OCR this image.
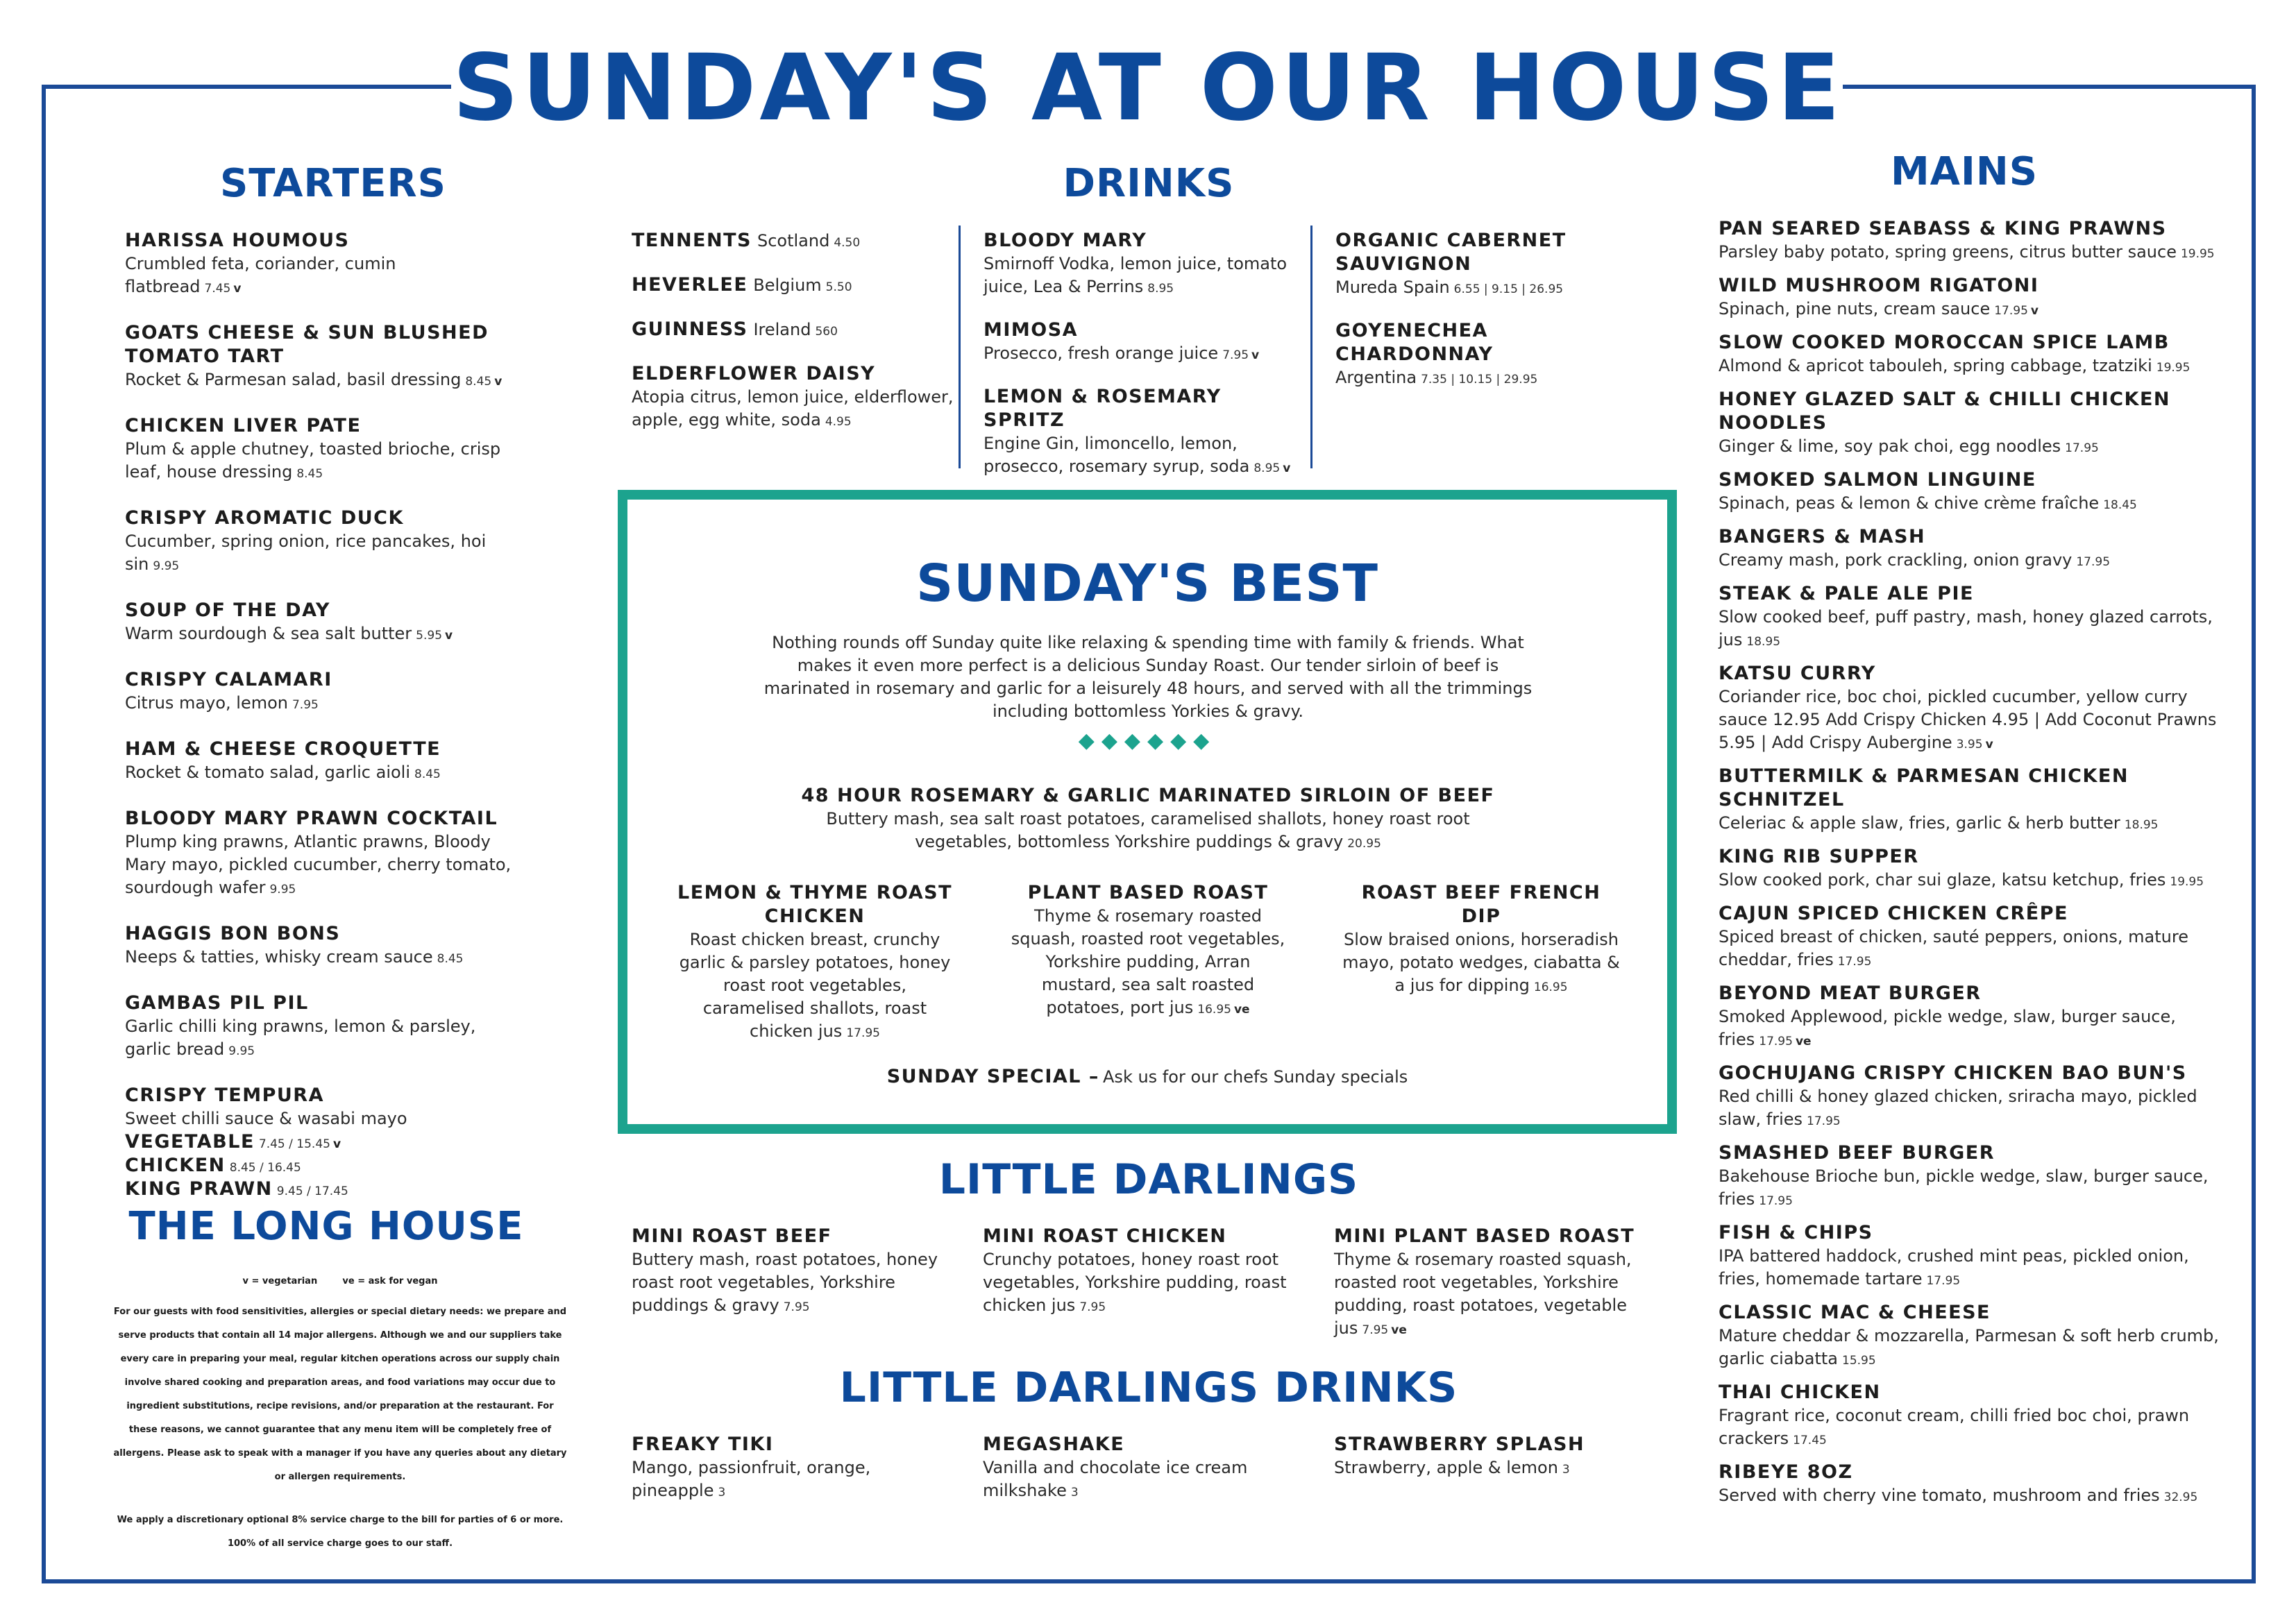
SUNDAY'S AT OUR HOUSE
STARTERS
HARISSA HOUMOUS
Crumbled feta, coriander, cumin flatbread 7.45 v
GOATS CHEESE & SUN BLUSHED TOMATO TART
Rocket & Parmesan salad, basil dressing 8.45 v
CHICKEN LIVER PATE
Plum & apple chutney, toasted brioche, crisp leaf, house dressing 8.45
CRISPY AROMATIC DUCK
Cucumber, spring onion, rice pancakes, hoi sin 9.95
SOUP OF THE DAY
Warm sourdough & sea salt butter 5.95 v
CRISPY CALAMARI
Citrus mayo, lemon 7.95
HAM & CHEESE CROQUETTE
Rocket & tomato salad, garlic aioli 8.45
BLOODY MARY PRAWN COCKTAIL
Plump king prawns, Atlantic prawns, Bloody Mary mayo, pickled cucumber, cherry tomato, sourdough wafer 9.95
HAGGIS BON BONS
Neeps & tatties, whisky cream sauce 8.45
GAMBAS PIL PIL
Garlic chilli king prawns, lemon & parsley, garlic bread 9.95
CRISPY TEMPURA
Sweet chilli sauce & wasabi mayo
VEGETABLE 7.45 / 15.45 v
CHICKEN 8.45 / 16.45
KING PRAWN 9.45 / 17.45
THE LONG HOUSE
v = vegetarian        ve = ask for vegan
For our guests with food sensitivities, allergies or special dietary needs: we prepare and serve products that contain all 14 major allergens. Although we and our suppliers take every care in preparing your meal, regular kitchen operations across our supply chain involve shared cooking and preparation areas, and food variations may occur due to ingredient substitutions, recipe revisions, and/or preparation at the restaurant. For these reasons, we cannot guarantee that any menu item will be completely free of allergens. Please ask to speak with a manager if you have any queries about any dietary or allergen requirements.
We apply a discretionary optional 8% service charge to the bill for parties of 6 or more. 100% of all service charge goes to our staff.
DRINKS
TENNENTS Scotland 4.50
HEVERLEE Belgium 5.50
GUINNESS Ireland 560
ELDERFLOWER DAISY
Atopia citrus, lemon juice, elderflower, apple, egg white, soda 4.95
BLOODY MARY
Smirnoff Vodka, lemon juice, tomato juice, Lea & Perrins 8.95
MIMOSA
Prosecco, fresh orange juice 7.95 v
LEMON & ROSEMARY SPRITZ
Engine Gin, limoncello, lemon, prosecco, rosemary syrup, soda 8.95 v
ORGANIC CABERNET SAUVIGNON
Mureda Spain 6.55 | 9.15 | 26.95
GOYENECHEA CHARDONNAY
Argentina 7.35 | 10.15 | 29.95
SUNDAY'S BEST
Nothing rounds off Sunday quite like relaxing & spending time with family & friends. What makes it even more perfect is a delicious Sunday Roast. Our tender sirloin of beef is marinated in rosemary and garlic for a leisurely 48 hours, and served with all the trimmings including bottomless Yorkies & gravy.
◆◆◆◆◆◆
48 HOUR ROSEMARY & GARLIC MARINATED SIRLOIN OF BEEF
Buttery mash, sea salt roast potatoes, caramelised shallots, honey roast root vegetables, bottomless Yorkshire puddings & gravy 20.95
LEMON & THYME ROAST CHICKEN
Roast chicken breast, crunchy garlic & parsley potatoes, honey roast root vegetables, caramelised shallots, roast chicken jus 17.95
PLANT BASED ROAST
Thyme & rosemary roasted squash, roasted root vegetables, Yorkshire pudding, Arran mustard, sea salt roasted potatoes, port jus 16.95 ve
ROAST BEEF FRENCH DIP
Slow braised onions, horseradish mayo, potato wedges, ciabatta & a jus for dipping 16.95
SUNDAY SPECIAL – Ask us for our chefs Sunday specials
LITTLE DARLINGS
MINI ROAST BEEF
Buttery mash, roast potatoes, honey roast root vegetables, Yorkshire puddings & gravy 7.95
MINI ROAST CHICKEN
Crunchy potatoes, honey roast root vegetables, Yorkshire pudding, roast chicken jus 7.95
MINI PLANT BASED ROAST
Thyme & rosemary roasted squash, roasted root vegetables, Yorkshire pudding, roast potatoes, vegetable jus 7.95 ve
LITTLE DARLINGS DRINKS
FREAKY TIKI
Mango, passionfruit, orange, pineapple 3
MEGASHAKE
Vanilla and chocolate ice cream milkshake 3
STRAWBERRY SPLASH
Strawberry, apple & lemon 3
MAINS
PAN SEARED SEABASS & KING PRAWNS
Parsley baby potato, spring greens, citrus butter sauce 19.95
WILD MUSHROOM RIGATONI
Spinach, pine nuts, cream sauce 17.95 v
SLOW COOKED MOROCCAN SPICE LAMB
Almond & apricot tabouleh, spring cabbage, tzatziki 19.95
HONEY GLAZED SALT & CHILLI CHICKEN NOODLES
Ginger & lime, soy pak choi, egg noodles 17.95
SMOKED SALMON LINGUINE
Spinach, peas & lemon & chive crème fraîche 18.45
BANGERS & MASH
Creamy mash, pork crackling, onion gravy 17.95
STEAK & PALE ALE PIE
Slow cooked beef, puff pastry, mash, honey glazed carrots, jus 18.95
KATSU CURRY
Coriander rice, boc choi, pickled cucumber, yellow curry sauce 12.95 Add Crispy Chicken 4.95 | Add Coconut Prawns 5.95 | Add Crispy Aubergine 3.95 v
BUTTERMILK & PARMESAN CHICKEN SCHNITZEL
Celeriac & apple slaw, fries, garlic & herb butter 18.95
KING RIB SUPPER
Slow cooked pork, char sui glaze, katsu ketchup, fries 19.95
CAJUN SPICED CHICKEN CRÊPE
Spiced breast of chicken, sauté peppers, onions, mature cheddar, fries 17.95
BEYOND MEAT BURGER
Smoked Applewood, pickle wedge, slaw, burger sauce, fries 17.95 ve
GOCHUJANG CRISPY CHICKEN BAO BUN'S
Red chilli & honey glazed chicken, sriracha mayo, pickled slaw, fries 17.95
SMASHED BEEF BURGER
Bakehouse Brioche bun, pickle wedge, slaw, burger sauce, fries 17.95
FISH & CHIPS
IPA battered haddock, crushed mint peas, pickled onion, fries, homemade tartare 17.95
CLASSIC MAC & CHEESE
Mature cheddar & mozzarella, Parmesan & soft herb crumb, garlic ciabatta 15.95
THAI CHICKEN
Fragrant rice, coconut cream, chilli fried boc choi, prawn crackers 17.45
RIBEYE 8OZ
Served with cherry vine tomato, mushroom and fries 32.95
